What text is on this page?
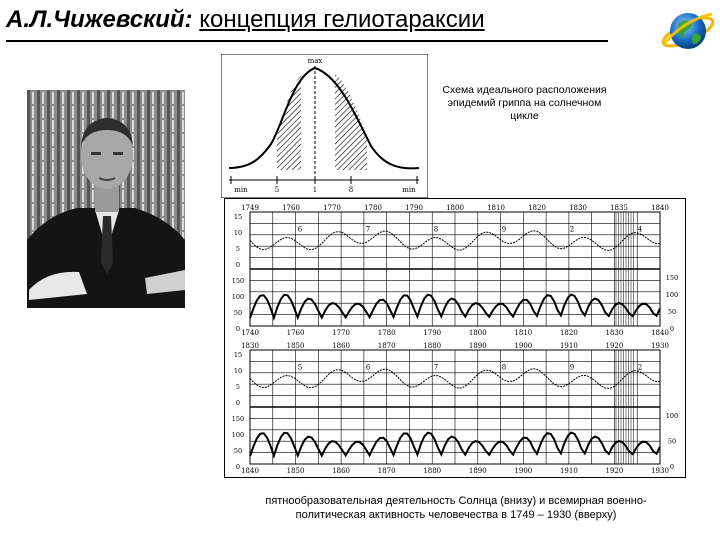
А.Л.Чижевский: концепция гелиотараксии
max
min	5	1	8	min
Схема идеального расположения эпидемий гриппа на солнечном цикле
1749	1760	1770	1780	1790	1800	1810	1820	1830	1835	1840
1740	1760	1770	1780	1790	1800	1810	1820	1830	1840
15
10
5
0
150
100
50
0
150
100
50
0
6	7	8	9	2	4
1830	1850	1860	1870	1880	1890	1900	1910	1920	1930
1840	1850	1860	1870	1880	1890	1900	1910	1920	1930
15
10
5
0
150
100
50
0
100
50
0
5	6	7	8	9	2
пятнообразовательная деятельность Солнца (внизу) и всемирная военно-политическая активность человечества в 1749 – 1930 (вверху)
